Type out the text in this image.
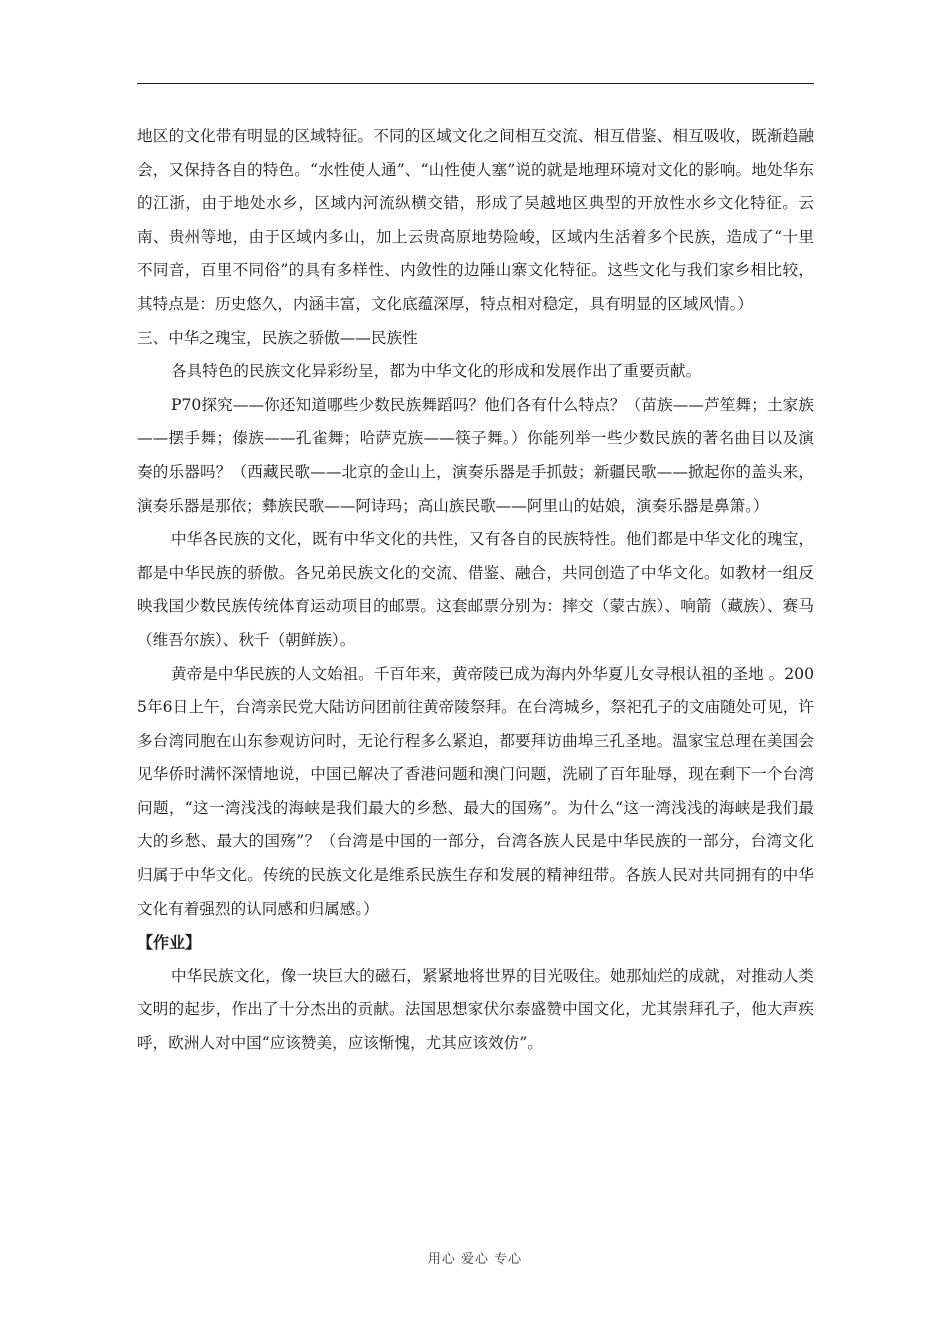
地区的文化带有明显的区域特征。不同的区域文化之间相互交流、相互借鉴、相互吸收，既渐趋融会，又保持各自的特色。“水性使人通”、“山性使人塞”说的就是地理环境对文化的影响。地处华东的江浙，由于地处水乡，区域内河流纵横交错，形成了吴越地区典型的开放性水乡文化特征。云南、贵州等地，由于区域内多山，加上云贵高原地势险峻，区域内生活着多个民族，造成了“十里不同音，百里不同俗”的具有多样性、内敛性的边陲山寨文化特征。这些文化与我们家乡相比较，其特点是：历史悠久，内涵丰富，文化底蕴深厚，特点相对稳定，具有明显的区域风情。）

三、中华之瑰宝，民族之骄傲——民族性

各具特色的民族文化异彩纷呈，都为中华文化的形成和发展作出了重要贡献。

P70探究——你还知道哪些少数民族舞蹈吗？他们各有什么特点？（苗族——芦笙舞；土家族——摆手舞；傣族——孔雀舞；哈萨克族——筷子舞。）你能列举一些少数民族的著名曲目以及演奏的乐器吗？（西藏民歌——北京的金山上，演奏乐器是手抓鼓；新疆民歌——掀起你的盖头来，演奏乐器是那依；彝族民歌——阿诗玛；高山族民歌——阿里山的姑娘，演奏乐器是鼻箫。）

中华各民族的文化，既有中华文化的共性，又有各自的民族特性。他们都是中华文化的瑰宝，都是中华民族的骄傲。各兄弟民族文化的交流、借鉴、融合，共同创造了中华文化。如教材一组反映我国少数民族传统体育运动项目的邮票。这套邮票分别为：摔交（蒙古族）、响箭（藏族）、赛马（维吾尔族）、秋千（朝鲜族）。

黄帝是中华民族的人文始祖。千百年来，黄帝陵已成为海内外华夏儿女寻根认祖的圣地 。2005年6日上午，台湾亲民党大陆访问团前往黄帝陵祭拜。在台湾城乡，祭祀孔子的文庙随处可见，许多台湾同胞在山东参观访问时，无论行程多么紧迫，都要拜访曲埠三孔圣地。温家宝总理在美国会见华侨时满怀深情地说，中国已解决了香港问题和澳门问题，洗刷了百年耻辱，现在剩下一个台湾问题，“这一湾浅浅的海峡是我们最大的乡愁、最大的国殇”。为什么“这一湾浅浅的海峡是我们最大的乡愁、最大的国殇”？（台湾是中国的一部分，台湾各族人民是中华民族的一部分，台湾文化归属于中华文化。传统的民族文化是维系民族生存和发展的精神纽带。各族人民对共同拥有的中华文化有着强烈的认同感和归属感。）

【作业】

中华民族文化，像一块巨大的磁石，紧紧地将世界的目光吸住。她那灿烂的成就，对推动人类文明的起步，作出了十分杰出的贡献。法国思想家伏尔泰盛赞中国文化，尤其崇拜孔子，他大声疾呼，欧洲人对中国“应该赞美，应该惭愧，尤其应该效仿”。

用心 爱心 专心
